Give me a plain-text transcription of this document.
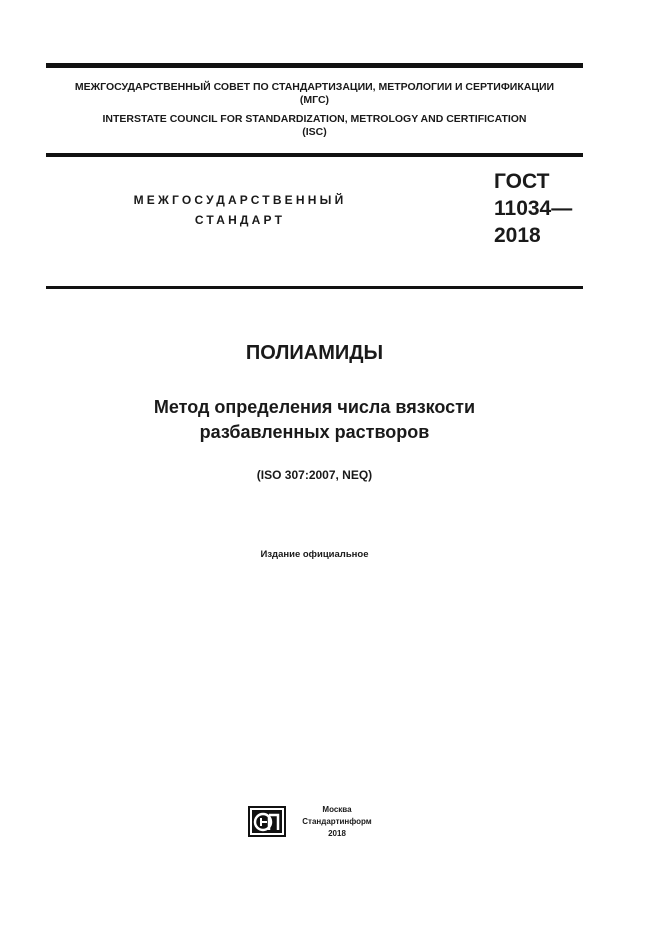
МЕЖГОСУДАРСТВЕННЫЙ СОВЕТ ПО СТАНДАРТИЗАЦИИ, МЕТРОЛОГИИ И СЕРТИФИКАЦИИ
(МГС)
INTERSTATE COUNCIL FOR STANDARDIZATION, METROLOGY AND CERTIFICATION
(ISC)
МЕЖГОСУДАРСТВЕННЫЙ
СТАНДАРТ
ГОСТ
11034—
2018
ПОЛИАМИДЫ
Метод определения числа вязкости
разбавленных растворов
(ISO 307:2007, NEQ)
Издание официальное
Москва
Стандартинформ
2018
